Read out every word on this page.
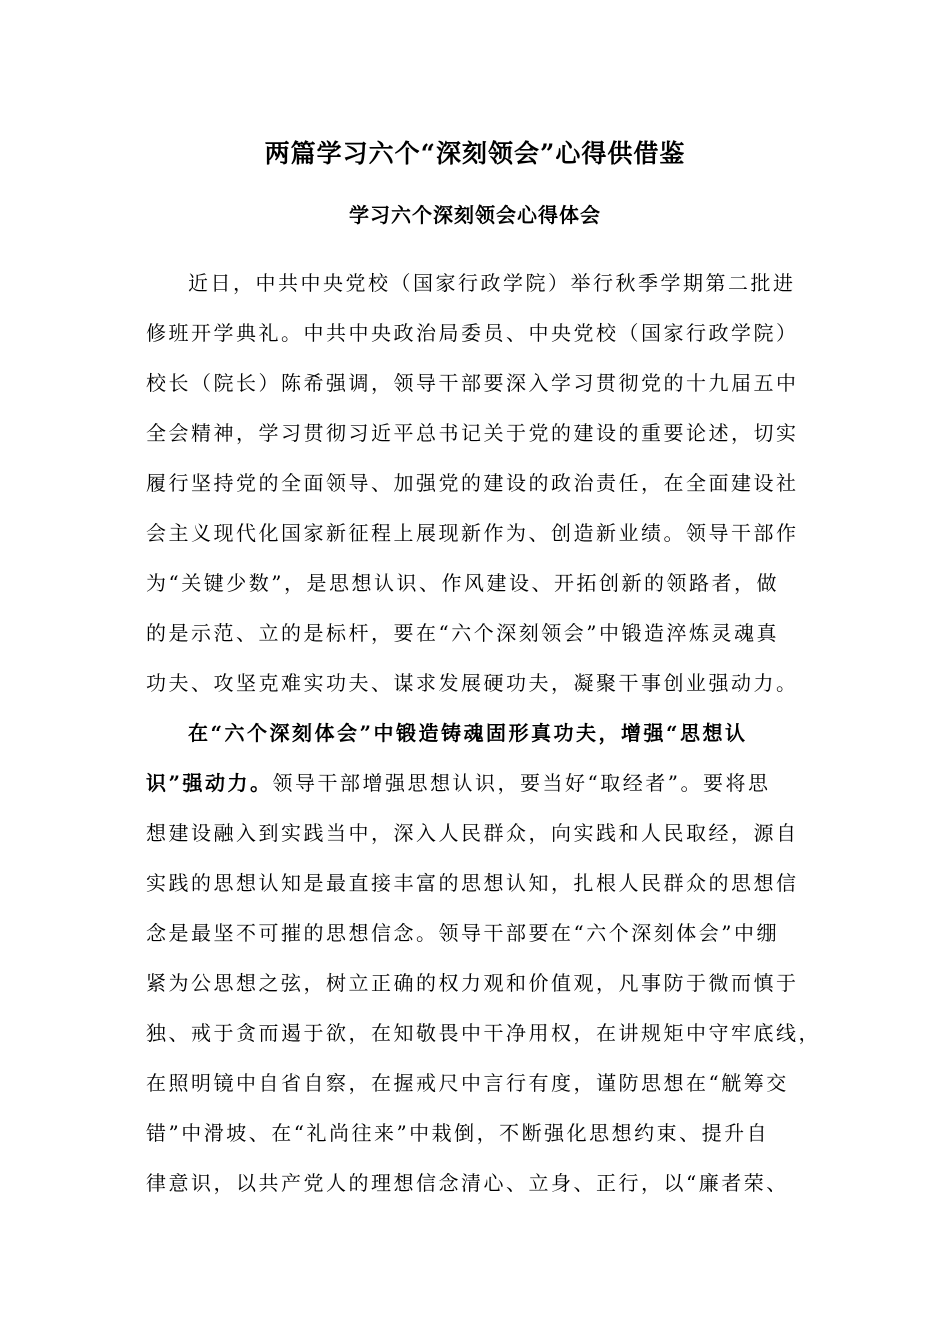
两篇学习六个“深刻领会”心得供借鉴
学习六个深刻领会心得体会
近日，中共中央党校（国家行政学院）举行秋季学期第二批进
修班开学典礼。中共中央政治局委员、中央党校（国家行政学院）
校长（院长）陈希强调，领导干部要深入学习贯彻党的十九届五中
全会精神，学习贯彻习近平总书记关于党的建设的重要论述，切实
履行坚持党的全面领导、加强党的建设的政治责任，在全面建设社
会主义现代化国家新征程上展现新作为、创造新业绩。领导干部作
为“关键少数”，是思想认识、作风建设、开拓创新的领路者，做
的是示范、立的是标杆，要在“六个深刻领会”中锻造淬炼灵魂真
功夫、攻坚克难实功夫、谋求发展硬功夫，凝聚干事创业强动力。
在“六个深刻体会”中锻造铸魂固形真功夫，增强“思想认
识”强动力。领导干部增强思想认识，要当好“取经者”。要将思
想建设融入到实践当中，深入人民群众，向实践和人民取经，源自
实践的思想认知是最直接丰富的思想认知，扎根人民群众的思想信
念是最坚不可摧的思想信念。领导干部要在“六个深刻体会”中绷
紧为公思想之弦，树立正确的权力观和价值观，凡事防于微而慎于
独、戒于贪而遏于欲，在知敬畏中干净用权，在讲规矩中守牢底线，
在照明镜中自省自察，在握戒尺中言行有度，谨防思想在“觥筹交
错”中滑坡、在“礼尚往来”中栽倒，不断强化思想约束、提升自
律意识，以共产党人的理想信念清心、立身、正行，以“廉者荣、
